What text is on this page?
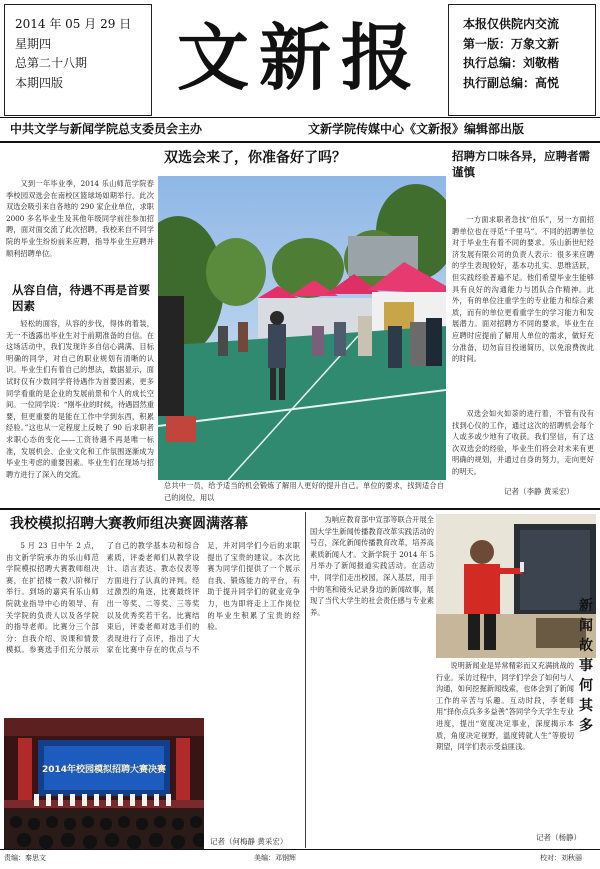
2014 年 05 月 29 日
星期四
总第二十八期
本期四版	文新报	本报仅供院内交流
第一版：万象文新
执行总编：刘敬楷
执行副总编：高悦
中共文学与新闻学院总支委员会主办	文新学院传媒中心《文新报》编辑部出版
双选会来了，你准备好了吗？
又到一年毕业季，2014 乐山师范学院春季校园双选会在南校区篮球场如期举行。此次双选会吸引来自各地的 290 家企业单位，求职 2000 多名毕业生及其他年级同学前往参加招聘，面对面交流了此次招聘，我校来自不同学院的毕业生纷纷前来应聘，指导毕业生应聘并顺利招聘单位。
从容自信，待遇不再是首要因素
轻松的面容，从容的步伐，得体的着装，无一不透露出毕业生对于前期准备的自信。在这场活动中，我们发现许多自信心满满、目标明确的同学，对自己的职业规划有清晰的认识。毕业生们有着自己的想法，数据显示，面试时仅有少数同学将待遇作为首要因素，更多同学看重的是企业的发展前景和个人的成长空间。一位同学说：“刚毕业的时候，待遇固然重要，但更重要的是能在工作中学到东西，积累经验。”这也从一定程度上反映了 90 后求职者求职心态的变化——工资待遇不再是唯一标准，发展机会、企业文化和工作氛围逐渐成为毕业生考虑的重要因素。毕业生们在现场与招聘方进行了深入的交流。
总共中一员，给予适当的机会锻炼了解用人更好的提升自己。单位的要求，找到适合自己的岗位，用以
招聘方口味各异，应聘者需谨慎
一方面求职者急找“伯乐”，另一方面招聘单位也在寻觅“千里马”。不同的招聘单位对于毕业生有着不同的要求。乐山新世纪经济发展有限公司的负责人表示：很多来应聘的学生表现较好，基本功扎实、思维活跃，但实践经验普遍不足。他们希望毕业生能够具有良好的沟通能力与团队合作精神。此外，有的单位注重学生的专业能力和综合素质，而有的单位更看重学生的学习能力和发展潜力。面对招聘方不同的要求，毕业生在应聘时应提前了解用人单位的需求，做好充分准备，切勿盲目投递简历，以免浪费彼此的时间。
双选会如火如荼的进行着，不管有没有找到心仪的工作，通过这次的招聘机会每个人或多或少地有了收获。我们坚信，有了这次双选会的经验，毕业生们将会对未来有更明确的规划，并通过自身的努力，走向更好的明天。
记者（李静 黄采宏）
我校模拟招聘大赛教师组决赛圆满落幕
5 月 23 日中午 2 点，由文新学院承办的乐山师范学院模拟招聘大赛教师组决赛，在扩招楼一教八阶梯厅举行。到场的嘉宾有乐山师院就业指导中心的领导、有关学院的负责人以及各学院的指导老师。比赛分三个部分：自我介绍、说课和情景模拟。参赛选手们充分展示了自己的教学基本功和综合素质，评委老师们从教学设计、语言表达、教态仪表等方面进行了认真的评判。经过激烈的角逐，比赛最终评出一等奖、二等奖、三等奖以及优秀奖若干名。比赛结束后，评委老师对选手们的表现进行了点评，指出了大家在比赛中存在的优点与不足，并对同学们今后的求职提出了宝贵的建议。本次比赛为同学们提供了一个展示自我、锻炼能力的平台，有助于提升同学们的就业竞争力，也为即将走上工作岗位的毕业生积累了宝贵的经验。
2014年校园模拟招聘大赛决赛
记者（何梅静 黄采宏）
为响应教育部中宣部等联合开展全国大学生新闻传播教育改革实践活动的号召，深化新闻传播教育改革，培养高素质新闻人才。文新学院于 2014 年 5 月举办了新闻报道实践活动。在活动中，同学们走出校园，深入基层，用手中的笔和镜头记录身边的新闻故事，展现了当代大学生的社会责任感与专业素养。	新闻故事何其多
说明新闻业是异常精彩而又充满挑战的行业。采访过程中，同学们学会了如何与人沟通，如何挖掘新闻线索，也体会到了新闻工作的辛苦与乐趣。互动时段，李老师用“择你点兵多多益善”答同学今天学生专业进度，提出“宽度决定事业，深度揭示本质，角度决定视野，温度铸就人生”等殷切期望，同学们表示受益匪浅。
记者（杨静）
责编：秦思文	美编：邓钢辉	校对：刘秋丽
